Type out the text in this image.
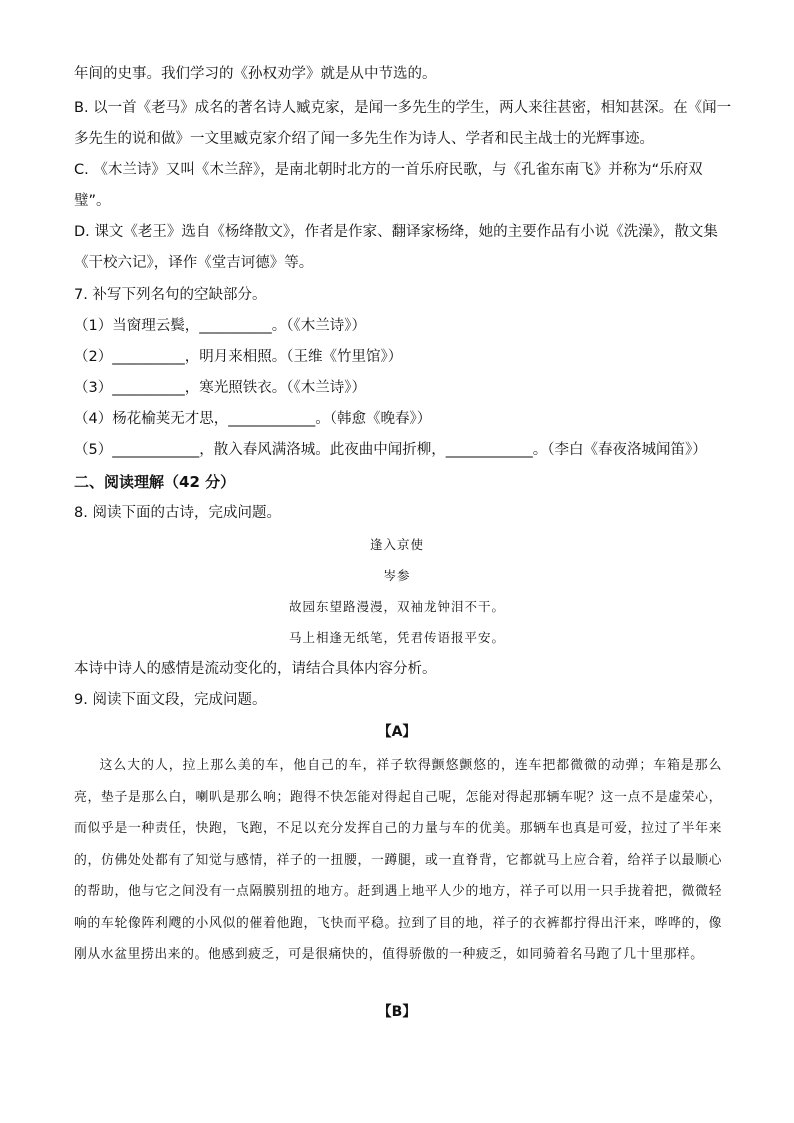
年间的史事。我们学习的《孙权劝学》就是从中节选的。
B. 以一首《老马》成名的著名诗人臧克家，是闻一多先生的学生，两人来往甚密，相知甚深。在《闻一
多先生的说和做》一文里臧克家介绍了闻一多先生作为诗人、学者和民主战士的光辉事迹。
C. 《木兰诗》又叫《木兰辞》，是南北朝时北方的一首乐府民歌，与《孔雀东南飞》并称为“乐府双
璧”。
D. 课文《老王》选自《杨绛散文》，作者是作家、翻译家杨绛，她的主要作品有小说《洗澡》，散文集
《干校六记》，译作《堂吉诃德》等。
7. 补写下列名句的空缺部分。
（1）当窗理云鬓，__________。（《木兰诗》）
（2）__________，明月来相照。（王维《竹里馆》）
（3）__________，寒光照铁衣。（《木兰诗》）
（4）杨花榆荚无才思，____________。（韩愈《晚春》）
（5）____________，散入春风满洛城。此夜曲中闻折柳，____________。（李白《春夜洛城闻笛》）
二、阅读理解（42 分）
8. 阅读下面的古诗，完成问题。
逢入京使
岑参
故园东望路漫漫，双袖龙钟泪不干。
马上相逢无纸笔，凭君传语报平安。
本诗中诗人的感情是流动变化的，请结合具体内容分析。
9. 阅读下面文段，完成问题。
【A】
这么大的人，拉上那么美的车，他自己的车，祥子软得颤悠颤悠的，连车把都微微的动弹；车箱是那么亮，垫子是那么白，喇叭是那么响；跑得不快怎能对得起自己呢，怎能对得起那辆车呢？这一点不是虚荣心，而似乎是一种责任，快跑，飞跑，不足以充分发挥自己的力量与车的优美。那辆车也真是可爱，拉过了半年来的，仿佛处处都有了知觉与感情，祥子的一扭腰，一蹲腿，或一直脊背，它都就马上应合着，给祥子以最顺心的帮助，他与它之间没有一点隔膜别扭的地方。赶到遇上地平人少的地方，祥子可以用一只手拢着把，微微轻响的车轮像阵利飕的小风似的催着他跑，飞快而平稳。拉到了目的地，祥子的衣裤都拧得出汗来，哗哗的，像刚从水盆里捞出来的。他感到疲乏，可是很痛快的，值得骄傲的一种疲乏，如同骑着名马跑了几十里那样。
【B】
